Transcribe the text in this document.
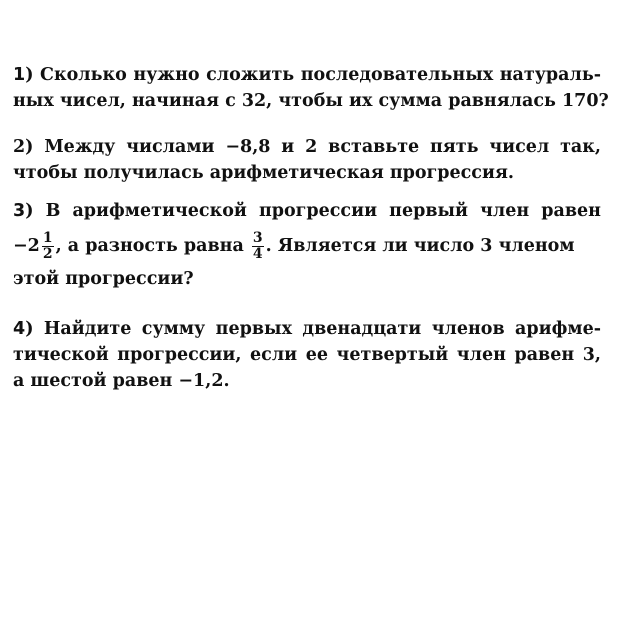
1) Сколько нужно сложить последовательных натураль-
ных чисел, начиная с 32, чтобы их сумма равнялась 170?
2) Между числами −8,8 и 2 вставьте пять чисел так,
чтобы получилась арифметическая прогрессия.
3) В арифметической прогрессии первый член равен
$-2 \frac{1}{2}$ , а разность равна $\frac{3}{4}$ . Является ли число 3 членом
этой прогрессии?
4) Найдите сумму первых двенадцати членов арифме-
тической прогрессии, если ее четвертый член равен 3,
а шестой равен −1,2.
